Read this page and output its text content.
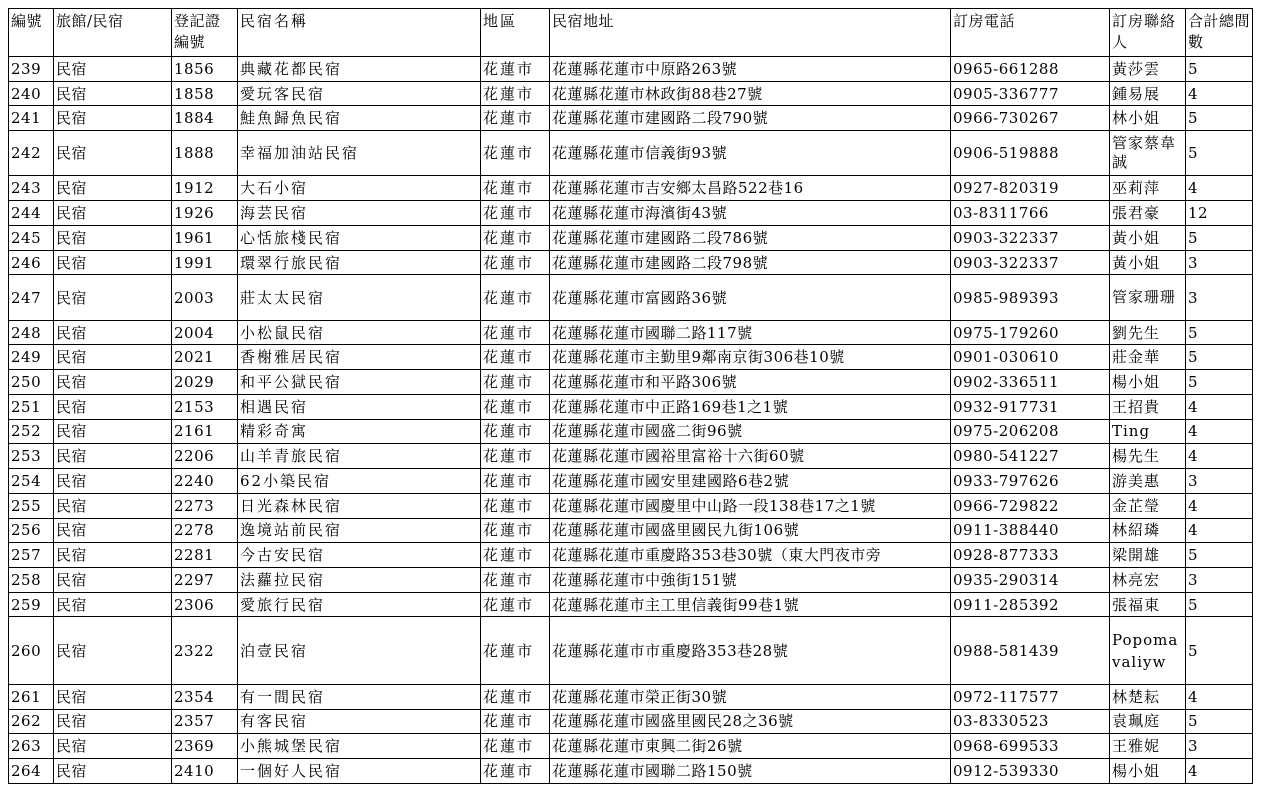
編號	旅館/民宿	登記證編號	民宿名稱	地區	民宿地址	訂房電話	訂房聯絡人	合計總間數
239	民宿	1856	典藏花都民宿	花蓮市	花蓮縣花蓮市中原路263號	0965-661288	黃莎雲	5
240	民宿	1858	愛玩客民宿	花蓮市	花蓮縣花蓮市林政街88巷27號	0905-336777	鍾易展	4
241	民宿	1884	鮭魚歸魚民宿	花蓮市	花蓮縣花蓮市建國路二段790號	0966-730267	林小姐	5
242	民宿	1888	幸福加油站民宿	花蓮市	花蓮縣花蓮市信義街93號	0906-519888	管家蔡韋誠	5
243	民宿	1912	大石小宿	花蓮市	花蓮縣花蓮市吉安鄉太昌路522巷16	0927-820319	巫莉萍	4
244	民宿	1926	海芸民宿	花蓮市	花蓮縣花蓮市海濱街43號	03-8311766	張君豪	12
245	民宿	1961	心恬旅棧民宿	花蓮市	花蓮縣花蓮市建國路二段786號	0903-322337	黃小姐	5
246	民宿	1991	環翠行旅民宿	花蓮市	花蓮縣花蓮市建國路二段798號	0903-322337	黃小姐	3
247	民宿	2003	莊太太民宿	花蓮市	花蓮縣花蓮市富國路36號	0985-989393	管家珊珊	3
248	民宿	2004	小松鼠民宿	花蓮市	花蓮縣花蓮市國聯二路117號	0975-179260	劉先生	5
249	民宿	2021	香榭雅居民宿	花蓮市	花蓮縣花蓮市主勤里9鄰南京街306巷10號	0901-030610	莊金華	5
250	民宿	2029	和平公獄民宿	花蓮市	花蓮縣花蓮市和平路306號	0902-336511	楊小姐	5
251	民宿	2153	相遇民宿	花蓮市	花蓮縣花蓮市中正路169巷1之1號	0932-917731	王招貴	4
252	民宿	2161	精彩奇寓	花蓮市	花蓮縣花蓮市國盛二街96號	0975-206208	Ting	4
253	民宿	2206	山羊青旅民宿	花蓮市	花蓮縣花蓮市國裕里富裕十六街60號	0980-541227	楊先生	4
254	民宿	2240	62小築民宿	花蓮市	花蓮縣花蓮市國安里建國路6巷2號	0933-797626	游美惠	3
255	民宿	2273	日光森林民宿	花蓮市	花蓮縣花蓮市國慶里中山路一段138巷17之1號	0966-729822	金芷瑩	4
256	民宿	2278	逸境站前民宿	花蓮市	花蓮縣花蓮市國盛里國民九街106號	0911-388440	林紹璘	4
257	民宿	2281	今古安民宿	花蓮市	花蓮縣花蓮市重慶路353巷30號（東大門夜市旁	0928-877333	梁開雄	5
258	民宿	2297	法蘿拉民宿	花蓮市	花蓮縣花蓮市中強街151號	0935-290314	林亮宏	3
259	民宿	2306	愛旅行民宿	花蓮市	花蓮縣花蓮市主工里信義街99巷1號	0911-285392	張福東	5
260	民宿	2322	泊壹民宿	花蓮市	花蓮縣花蓮市市重慶路353巷28號	0988-581439	Popomavaliyw	5
261	民宿	2354	有一間民宿	花蓮市	花蓮縣花蓮市榮正街30號	0972-117577	林楚耘	4
262	民宿	2357	有客民宿	花蓮市	花蓮縣花蓮市國盛里國民28之36號	03-8330523	袁珮庭	5
263	民宿	2369	小熊城堡民宿	花蓮市	花蓮縣花蓮市東興二街26號	0968-699533	王雅妮	3
264	民宿	2410	一個好人民宿	花蓮市	花蓮縣花蓮市國聯二路150號	0912-539330	楊小姐	4
